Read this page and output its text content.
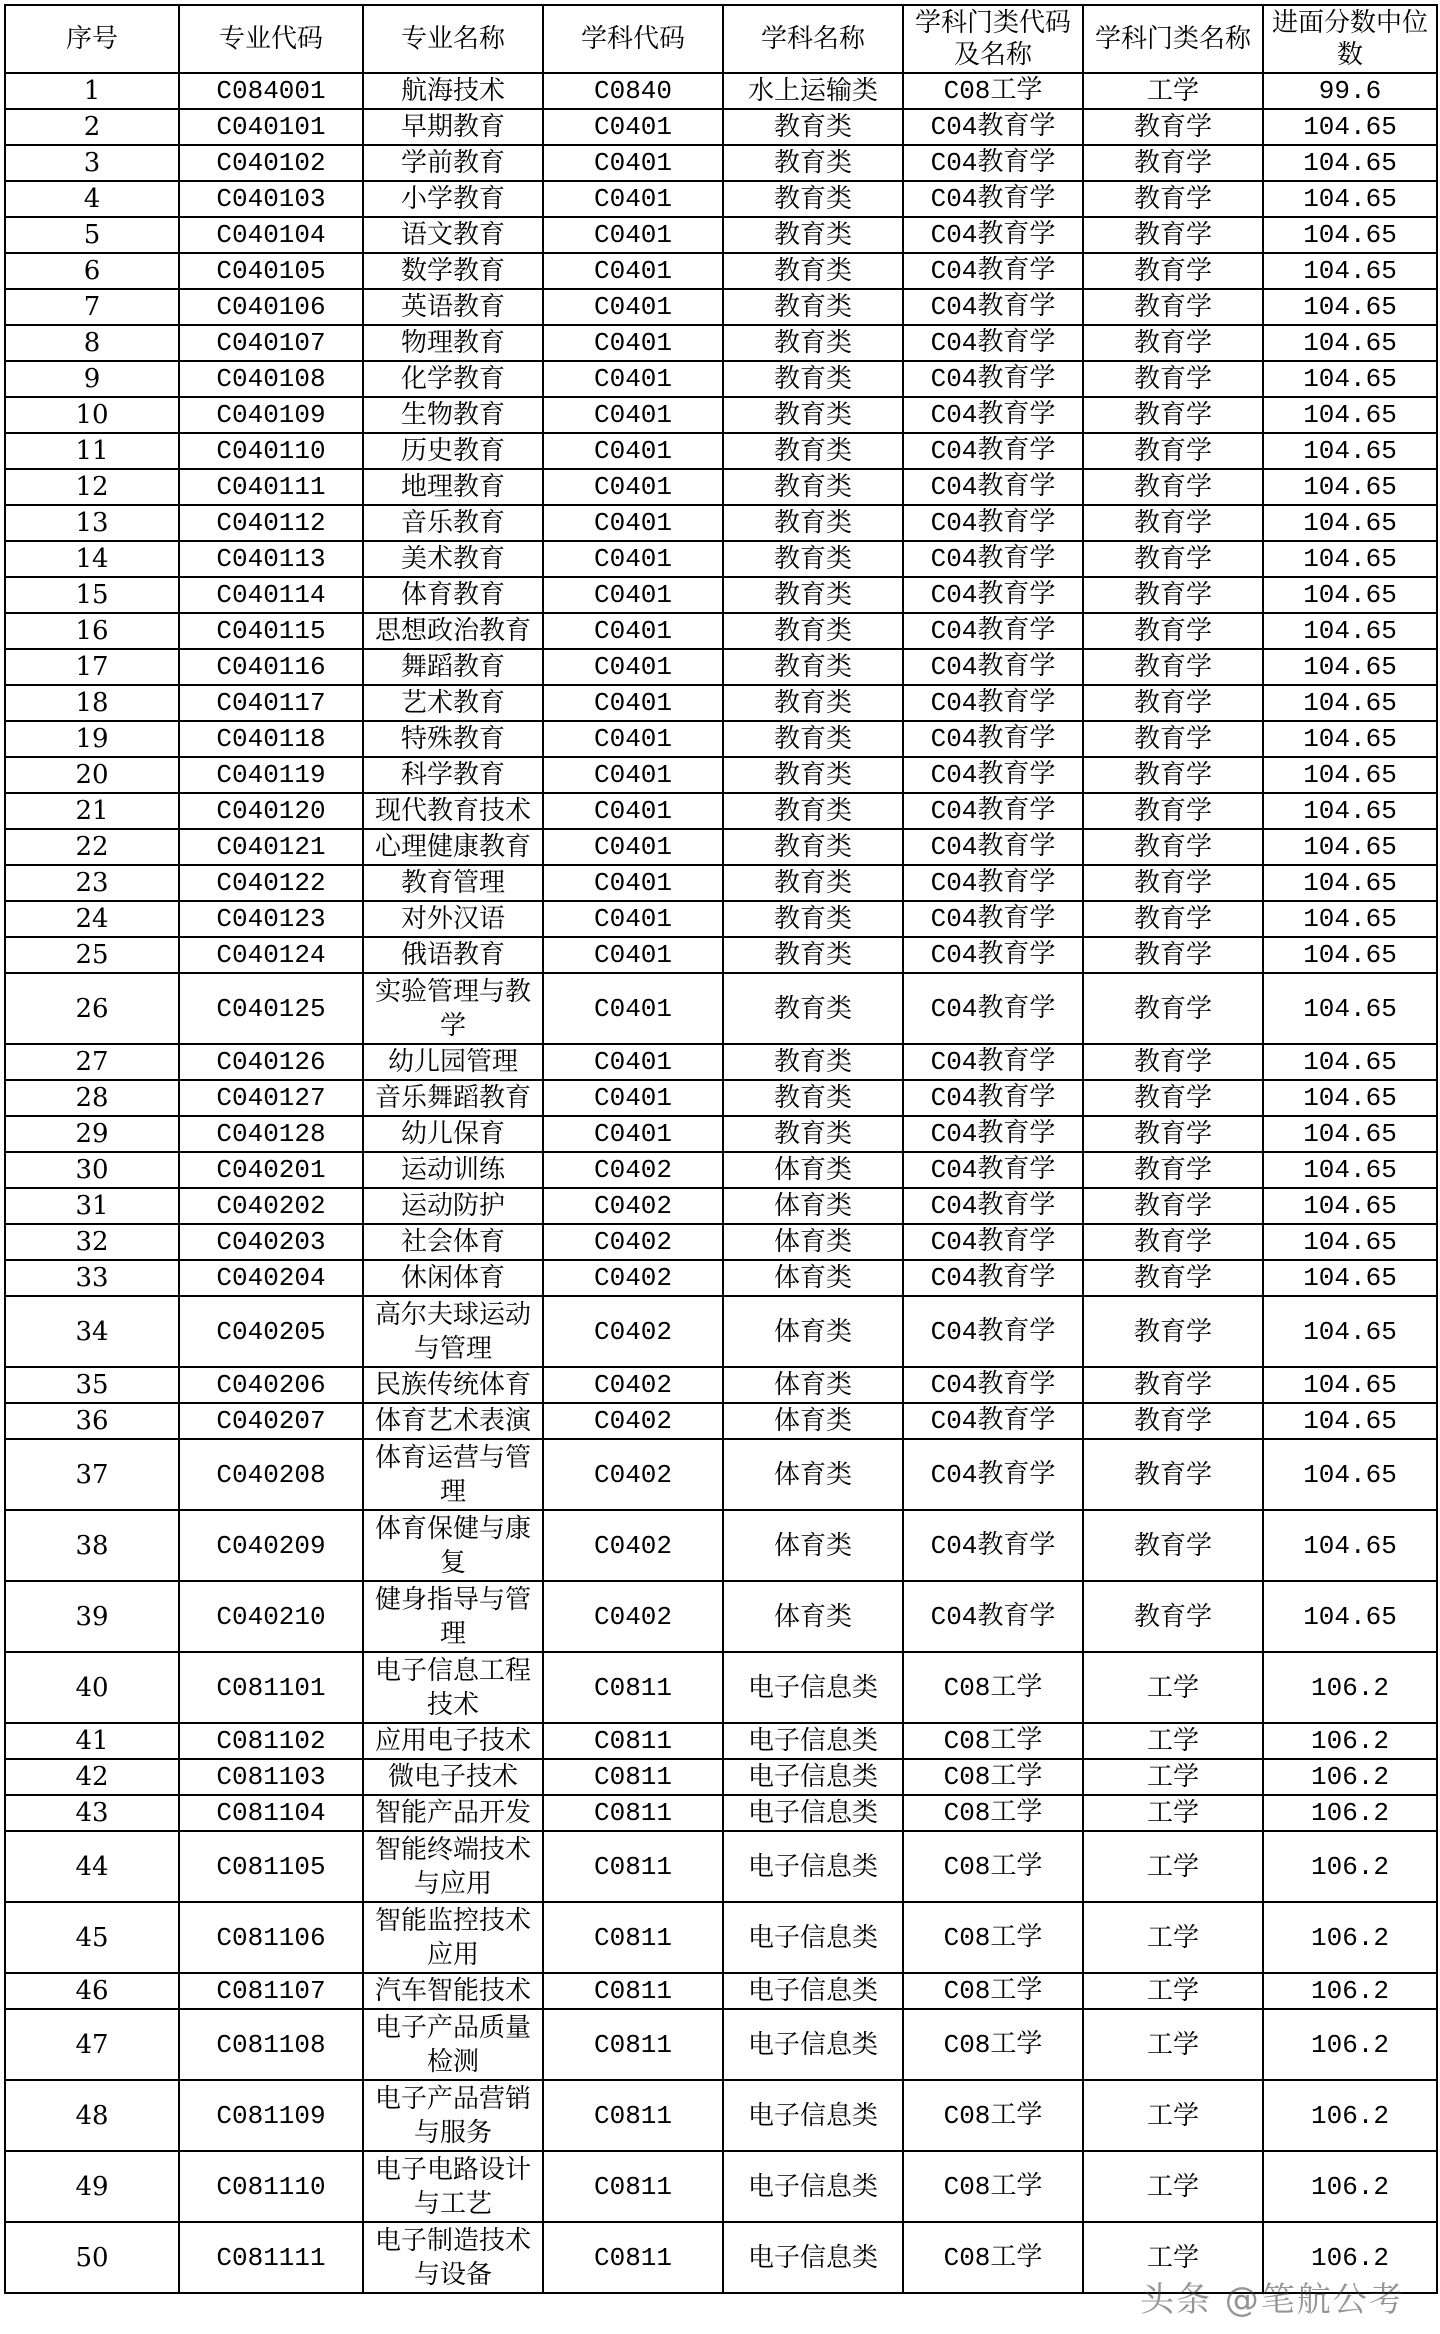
序号	专业代码	专业名称	学科代码	学科名称	学科门类代码及名称	学科门类名称	进面分数中位数
1	C084001	航海技术	C0840	水上运输类	C08工学	工学	99.6
2	C040101	早期教育	C0401	教育类	C04教育学	教育学	104.65
3	C040102	学前教育	C0401	教育类	C04教育学	教育学	104.65
4	C040103	小学教育	C0401	教育类	C04教育学	教育学	104.65
5	C040104	语文教育	C0401	教育类	C04教育学	教育学	104.65
6	C040105	数学教育	C0401	教育类	C04教育学	教育学	104.65
7	C040106	英语教育	C0401	教育类	C04教育学	教育学	104.65
8	C040107	物理教育	C0401	教育类	C04教育学	教育学	104.65
9	C040108	化学教育	C0401	教育类	C04教育学	教育学	104.65
10	C040109	生物教育	C0401	教育类	C04教育学	教育学	104.65
11	C040110	历史教育	C0401	教育类	C04教育学	教育学	104.65
12	C040111	地理教育	C0401	教育类	C04教育学	教育学	104.65
13	C040112	音乐教育	C0401	教育类	C04教育学	教育学	104.65
14	C040113	美术教育	C0401	教育类	C04教育学	教育学	104.65
15	C040114	体育教育	C0401	教育类	C04教育学	教育学	104.65
16	C040115	思想政治教育	C0401	教育类	C04教育学	教育学	104.65
17	C040116	舞蹈教育	C0401	教育类	C04教育学	教育学	104.65
18	C040117	艺术教育	C0401	教育类	C04教育学	教育学	104.65
19	C040118	特殊教育	C0401	教育类	C04教育学	教育学	104.65
20	C040119	科学教育	C0401	教育类	C04教育学	教育学	104.65
21	C040120	现代教育技术	C0401	教育类	C04教育学	教育学	104.65
22	C040121	心理健康教育	C0401	教育类	C04教育学	教育学	104.65
23	C040122	教育管理	C0401	教育类	C04教育学	教育学	104.65
24	C040123	对外汉语	C0401	教育类	C04教育学	教育学	104.65
25	C040124	俄语教育	C0401	教育类	C04教育学	教育学	104.65
26	C040125	实验管理与教学	C0401	教育类	C04教育学	教育学	104.65
27	C040126	幼儿园管理	C0401	教育类	C04教育学	教育学	104.65
28	C040127	音乐舞蹈教育	C0401	教育类	C04教育学	教育学	104.65
29	C040128	幼儿保育	C0401	教育类	C04教育学	教育学	104.65
30	C040201	运动训练	C0402	体育类	C04教育学	教育学	104.65
31	C040202	运动防护	C0402	体育类	C04教育学	教育学	104.65
32	C040203	社会体育	C0402	体育类	C04教育学	教育学	104.65
33	C040204	休闲体育	C0402	体育类	C04教育学	教育学	104.65
34	C040205	高尔夫球运动与管理	C0402	体育类	C04教育学	教育学	104.65
35	C040206	民族传统体育	C0402	体育类	C04教育学	教育学	104.65
36	C040207	体育艺术表演	C0402	体育类	C04教育学	教育学	104.65
37	C040208	体育运营与管理	C0402	体育类	C04教育学	教育学	104.65
38	C040209	体育保健与康复	C0402	体育类	C04教育学	教育学	104.65
39	C040210	健身指导与管理	C0402	体育类	C04教育学	教育学	104.65
40	C081101	电子信息工程技术	C0811	电子信息类	C08工学	工学	106.2
41	C081102	应用电子技术	C0811	电子信息类	C08工学	工学	106.2
42	C081103	微电子技术	C0811	电子信息类	C08工学	工学	106.2
43	C081104	智能产品开发	C0811	电子信息类	C08工学	工学	106.2
44	C081105	智能终端技术与应用	C0811	电子信息类	C08工学	工学	106.2
45	C081106	智能监控技术应用	C0811	电子信息类	C08工学	工学	106.2
46	C081107	汽车智能技术	C0811	电子信息类	C08工学	工学	106.2
47	C081108	电子产品质量检测	C0811	电子信息类	C08工学	工学	106.2
48	C081109	电子产品营销与服务	C0811	电子信息类	C08工学	工学	106.2
49	C081110	电子电路设计与工艺	C0811	电子信息类	C08工学	工学	106.2
50	C081111	电子制造技术与设备	C0811	电子信息类	C08工学	工学	106.2
头条 @笔航公考
